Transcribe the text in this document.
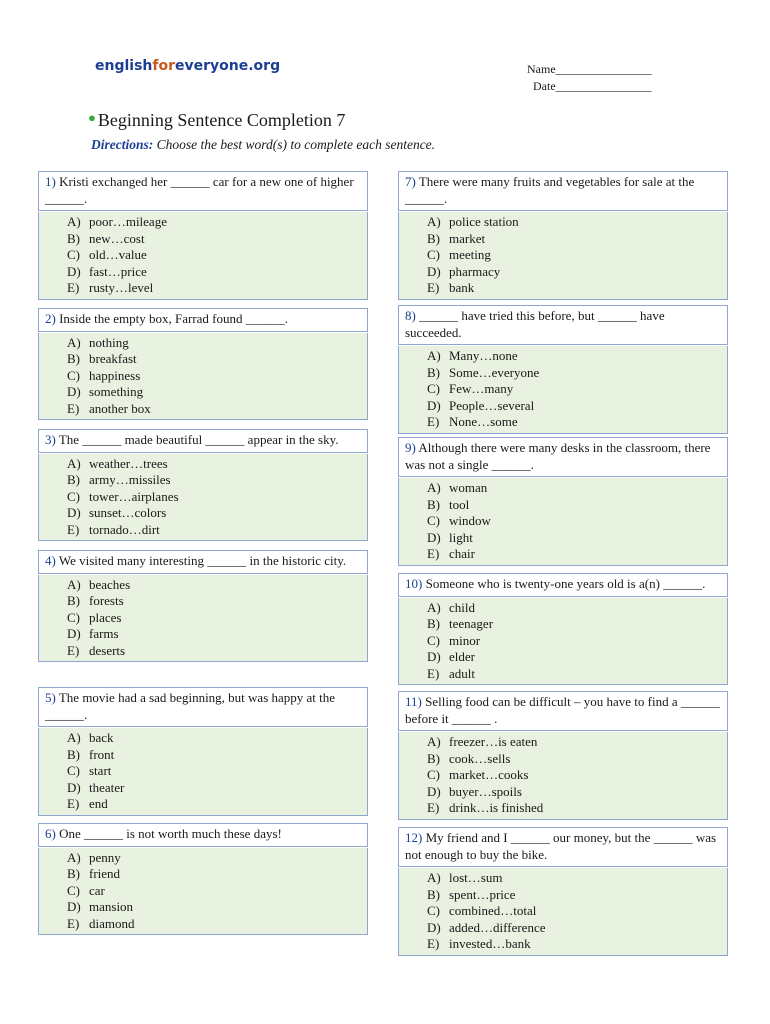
englishforeveryone.org	Name________________
Date________________
● Beginning Sentence Completion 7
Directions: Choose the best word(s) to complete each sentence.
1) Kristi exchanged her ______ car for a new one of higher ______.
A) poor…mileage
B) new…cost
C) old…value
D) fast…price
E) rusty…level
2) Inside the empty box, Farrad found ______.
A) nothing
B) breakfast
C) happiness
D) something
E) another box
3) The ______ made beautiful ______ appear in the sky.
A) weather…trees
B) army…missiles
C) tower…airplanes
D) sunset…colors
E) tornado…dirt
4) We visited many interesting ______ in the historic city.
A) beaches
B) forests
C) places
D) farms
E) deserts
5) The movie had a sad beginning, but was happy at the ______.
A) back
B) front
C) start
D) theater
E) end
6) One ______ is not worth much these days!
A) penny
B) friend
C) car
D) mansion
E) diamond
7) There were many fruits and vegetables for sale at the ______.
A) police station
B) market
C) meeting
D) pharmacy
E) bank
8) ______ have tried this before, but ______ have succeeded.
A) Many…none
B) Some…everyone
C) Few…many
D) People…several
E) None…some
9) Although there were many desks in the classroom, there was not a single ______.
A) woman
B) tool
C) window
D) light
E) chair
10) Someone who is twenty-one years old is a(n) ______.
A) child
B) teenager
C) minor
D) elder
E) adult
11) Selling food can be difficult – you have to find a ______ before it ______ .
A) freezer…is eaten
B) cook…sells
C) market…cooks
D) buyer…spoils
E) drink…is finished
12) My friend and I ______ our money, but the ______ was not enough to buy the bike.
A) lost…sum
B) spent…price
C) combined…total
D) added…difference
E) invested…bank
